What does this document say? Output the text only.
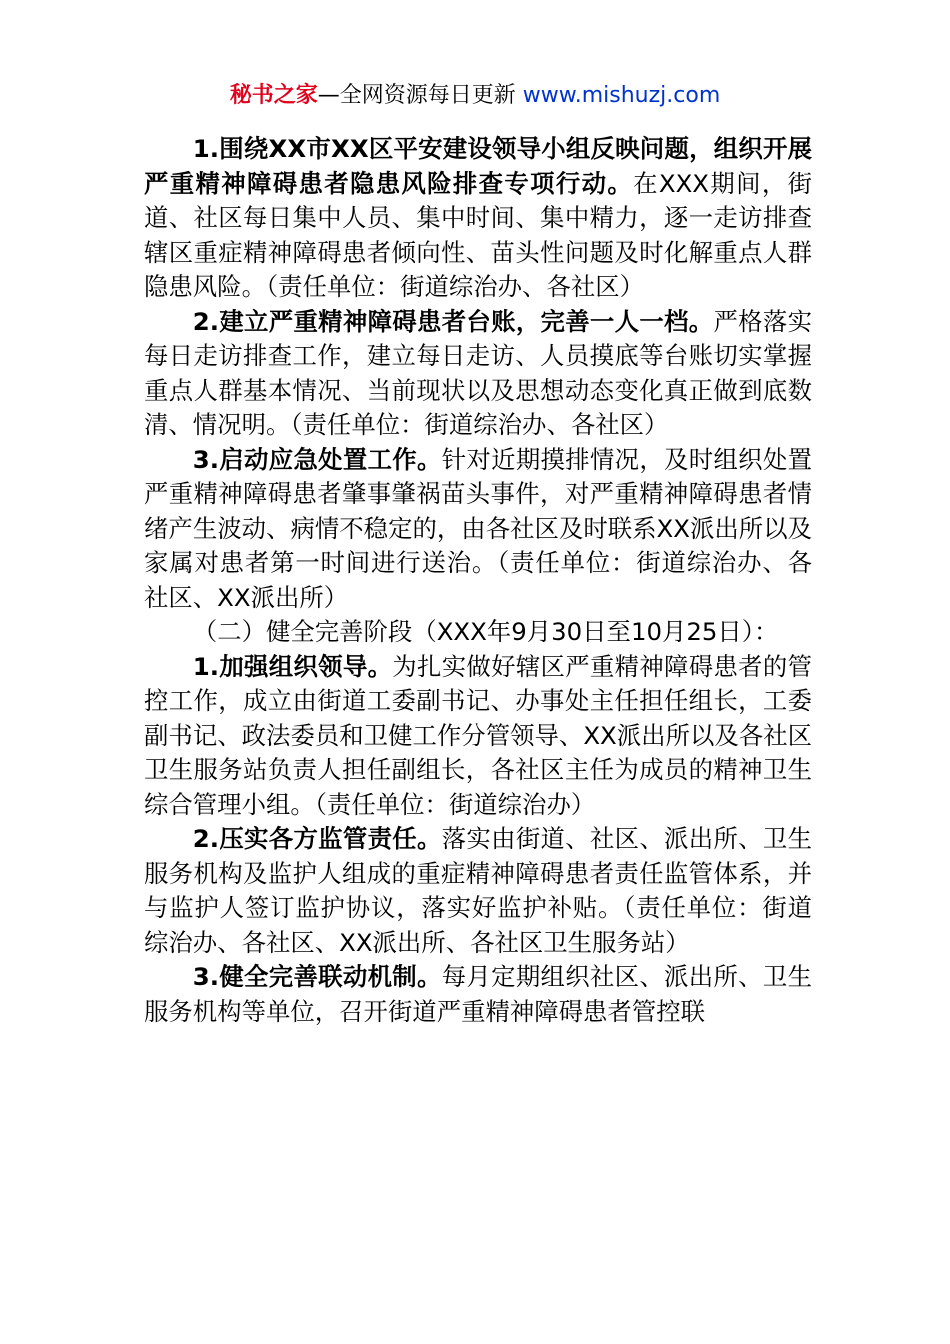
秘书之家—全网资源每日更新 www.mishuzj.com

1.围绕XX市XX区平安建设领导小组反映问题，组织开展严重精神障碍患者隐患风险排查专项行动。在XXX期间，街道、社区每日集中人员、集中时间、集中精力，逐一走访排查辖区重症精神障碍患者倾向性、苗头性问题及时化解重点人群隐患风险。（责任单位：街道综治办、各社区）

2.建立严重精神障碍患者台账，完善一人一档。严格落实每日走访排查工作，建立每日走访、人员摸底等台账切实掌握重点人群基本情况、当前现状以及思想动态变化真正做到底数清、情况明。（责任单位：街道综治办、各社区）

3.启动应急处置工作。针对近期摸排情况，及时组织处置严重精神障碍患者肇事肇祸苗头事件，对严重精神障碍患者情绪产生波动、病情不稳定的，由各社区及时联系XX派出所以及家属对患者第一时间进行送治。（责任单位：街道综治办、各社区、XX派出所）

（二）健全完善阶段（XXX年9月30日至10月25日）：

1.加强组织领导。为扎实做好辖区严重精神障碍患者的管控工作，成立由街道工委副书记、办事处主任担任组长，工委副书记、政法委员和卫健工作分管领导、XX派出所以及各社区卫生服务站负责人担任副组长，各社区主任为成员的精神卫生综合管理小组。（责任单位：街道综治办）

2.压实各方监管责任。落实由街道、社区、派出所、卫生服务机构及监护人组成的重症精神障碍患者责任监管体系，并与监护人签订监护协议，落实好监护补贴。（责任单位：街道综治办、各社区、XX派出所、各社区卫生服务站）

3.健全完善联动机制。每月定期组织社区、派出所、卫生服务机构等单位，召开街道严重精神障碍患者管控联
